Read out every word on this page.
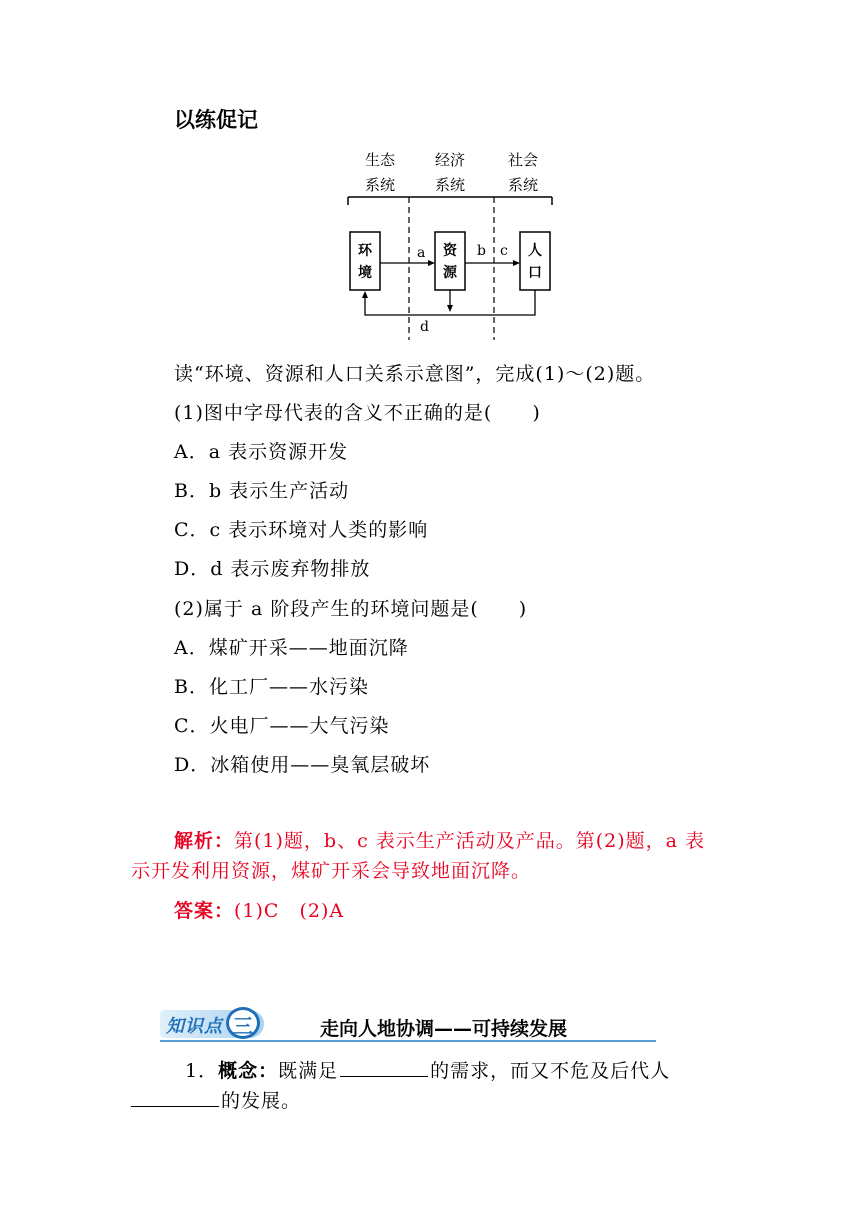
以练促记
生态
系统
经济
系统
社会
系统
环
境
资
源
人
口
a	b c
d
读“环境、资源和人口关系示意图”，完成(1)～(2)题。
(1)图中字母代表的含义不正确的是(　　)
A．a 表示资源开发
B．b 表示生产活动
C．c 表示环境对人类的影响
D．d 表示废弃物排放
(2)属于 a 阶段产生的环境问题是(　　)
A．煤矿开采——地面沉降
B．化工厂——水污染
C．火电厂——大气污染
D．冰箱使用——臭氧层破坏
解析：第(1)题，b、c 表示生产活动及产品。第(2)题，a 表
示开发利用资源，煤矿开采会导致地面沉降。
答案：(1)C　(2)A
知识点 三	走向人地协调——可持续发展
1．概念：既满足	的需求，而又不危及后代人
的发展。
